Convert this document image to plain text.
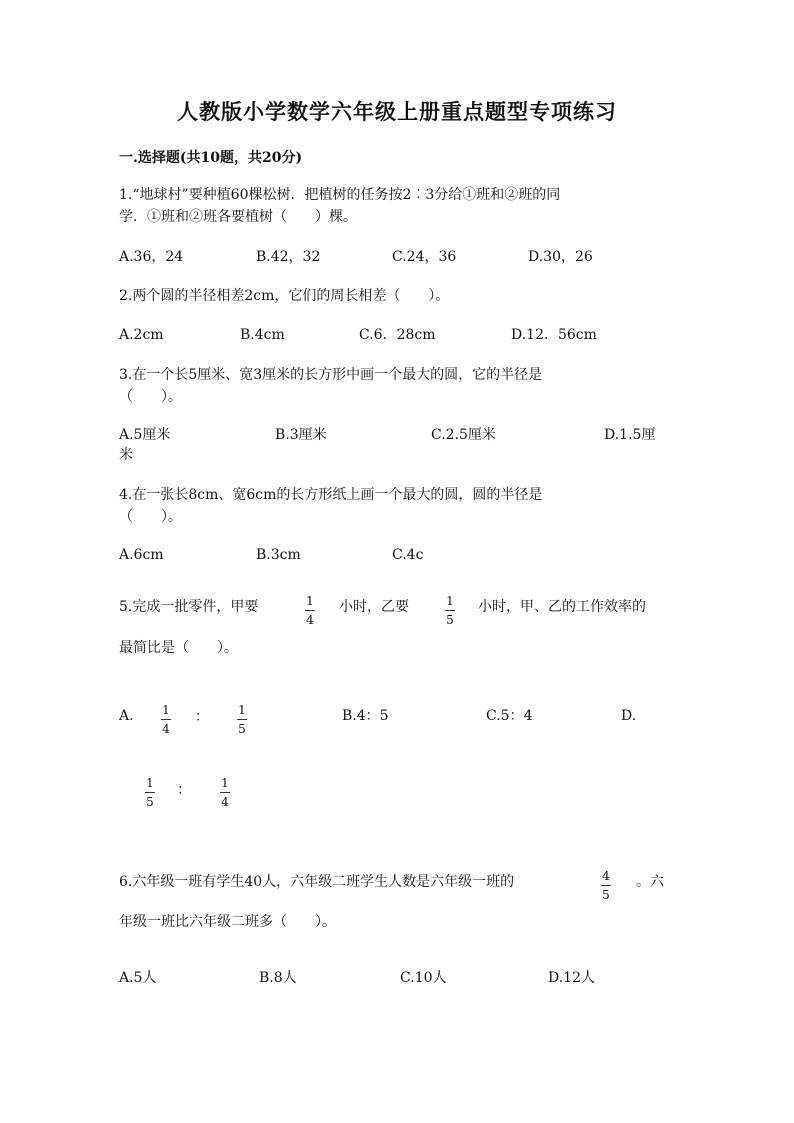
人教版小学数学六年级上册重点题型专项练习
一.选择题(共10题，共20分)
1.“地球村”要种植60棵松树．把植树的任务按2︰3分给①班和②班的同
学．①班和②班各要植树（　　）棵。
A.36，24	B.42，32	C.24，36	D.30，26
2.两个圆的半径相差2cm，它们的周长相差（　　）。
A.2cm	B.4cm	C.6．28cm	D.12．56cm
3.在一个长5厘米、宽3厘米的长方形中画一个最大的圆，它的半径是
（　　）。
A.5厘米	B.3厘米	C.2.5厘米	D.1.5厘
米
4.在一张长8cm、宽6cm的长方形纸上画一个最大的圆，圆的半径是
（　　）。
A.6cm	B.3cm	C.4c
5.完成一批零件，甲要	1
4
小时，乙要	1
5
小时，甲、乙的工作效率的
最简比是（　　）。
A. 1
4
： 1
5
B.4：5	C.5：4	D.
1
5
：	1
4
6.六年级一班有学生40人，六年级二班学生人数是六年级一班的	4
5
。六
年级一班比六年级二班多（　　）。
A.5人	B.8人	C.10人	D.12人
